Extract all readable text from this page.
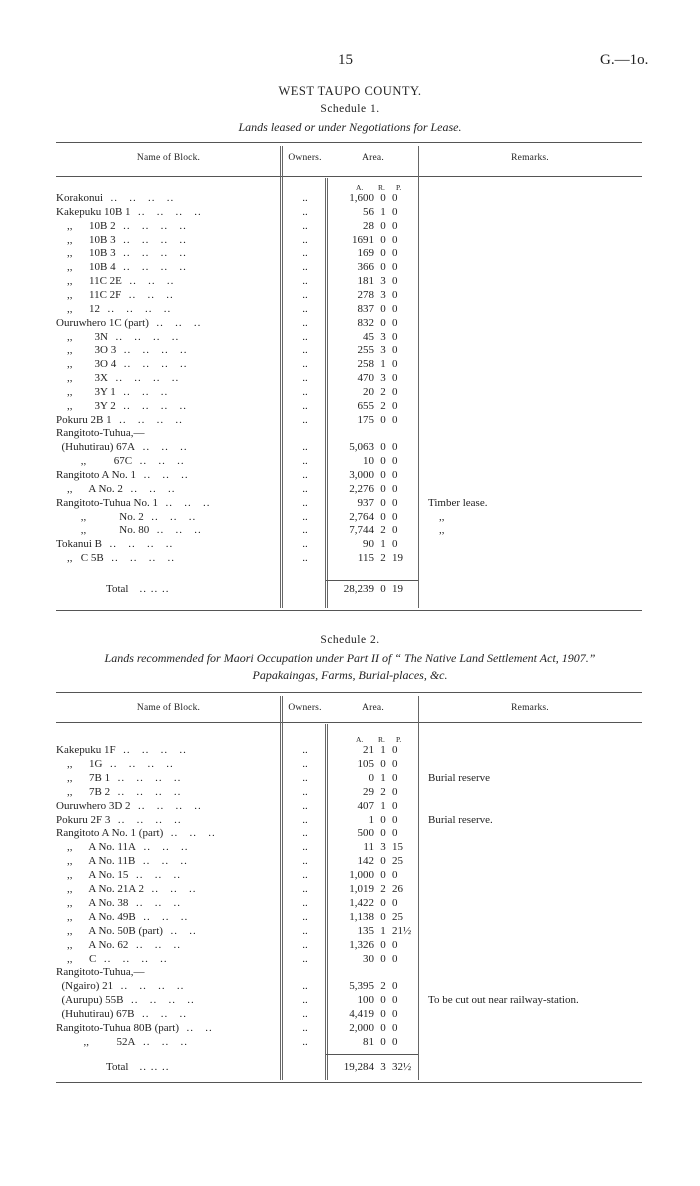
15	G.—1o.
WEST TAUPO COUNTY.
Schedule 1.
Lands leased or under Negotiations for Lease.
Name of Block.	Owners.	Area.	Remarks.
A. R. P.
Korakonui ..   ..   ..   ..	..	1,600 0 0
Kakepuku 10B 1 ..   ..   ..   ..	..	56 1 0
,,      10B 2 ..   ..   ..   ..	..	28 0 0
,,      10B 3 ..   ..   ..   ..	..	1691 0 0
,,      10B 3 ..   ..   ..   ..	..	169 0 0
,,      10B 4 ..   ..   ..   ..	..	366 0 0
,,      11C 2E ..   ..   ..	..	181 3 0
,,      11C 2F ..   ..   ..	..	278 3 0
,,      12 ..   ..   ..   ..	..	837 0 0
Ouruwhero 1C (part) ..   ..   ..	..	832 0 0
,,        3N ..   ..   ..   ..	..	45 3 0
,,        3O 3 ..   ..   ..   ..	..	255 3 0
,,        3O 4 ..   ..   ..   ..	..	258 1 0
,,        3X ..   ..   ..   ..	..	470 3 0
,,        3Y 1 ..   ..   ..	..	20 2 0
,,        3Y 2 ..   ..   ..   ..	..	655 2 0
Pokuru 2B 1 ..   ..   ..   ..	..	175 0 0
Rangitoto-Tuhua,—
(Huhutirau) 67A ..   ..   ..	..	5,063 0 0
,,          67C ..   ..   ..	..	10 0 0
Rangitoto A No. 1 ..   ..   ..	..	3,000 0 0
,,      A No. 2 ..   ..   ..	..	2,276 0 0
Rangitoto-Tuhua No. 1 ..   ..   ..	..	937 0 0	Timber lease.
,,            No. 2 ..   ..   ..	..	2,764 0 0	,,
,,            No. 80 ..   ..   ..	..	7,744 2 0	,,
Tokanui B ..   ..   ..   ..	..	90 1 0
,,   C 5B ..   ..   ..   ..	..	115 2 19
Total .. .. ..	28,239 0 19
Schedule 2.
Lands recommended for Maori Occupation under Part II of “ The Native Land Settlement Act, 1907.”
Papakaingas, Farms, Burial-places, &c.
Name of Block.	Owners.	Area.	Remarks.
A. R. P.
Kakepuku 1F ..   ..   ..   ..	..	21 1 0
,,      1G ..   ..   ..   ..	..	105 0 0
,,      7B 1 ..   ..   ..   ..	..	0 1 0	Burial reserve
,,      7B 2 ..   ..   ..   ..	..	29 2 0
Ouruwhero 3D 2 ..   ..   ..   ..	..	407 1 0
Pokuru 2F 3 ..   ..   ..   ..	..	1 0 0	Burial reserve.
Rangitoto A No. 1 (part) ..   ..   ..	..	500 0 0
,,      A No. 11A ..   ..   ..	..	11 3 15
,,      A No. 11B ..   ..   ..	..	142 0 25
,,      A No. 15 ..   ..   ..	..	1,000 0 0
,,      A No. 21A 2 ..   ..   ..	..	1,019 2 26
,,      A No. 38 ..   ..   ..	..	1,422 0 0
,,      A No. 49B ..   ..   ..	..	1,138 0 25
,,      A No. 50B (part) ..   ..	..	135 1 21½
,,      A No. 62 ..   ..   ..	..	1,326 0 0
,,      C ..   ..   ..   ..	..	30 0 0
Rangitoto-Tuhua,—
(Ngairo) 21 ..   ..   ..   ..	..	5,395 2 0
(Aurupu) 55B ..   ..   ..   ..	..	100 0 0	To be cut out near railway-station.
(Huhutirau) 67B ..   ..   ..	..	4,419 0 0
Rangitoto-Tuhua 80B (part) ..   ..	..	2,000 0 0
,,          52A ..   ..   ..	..	81 0 0
Total .. .. ..	19,284 3 32½
